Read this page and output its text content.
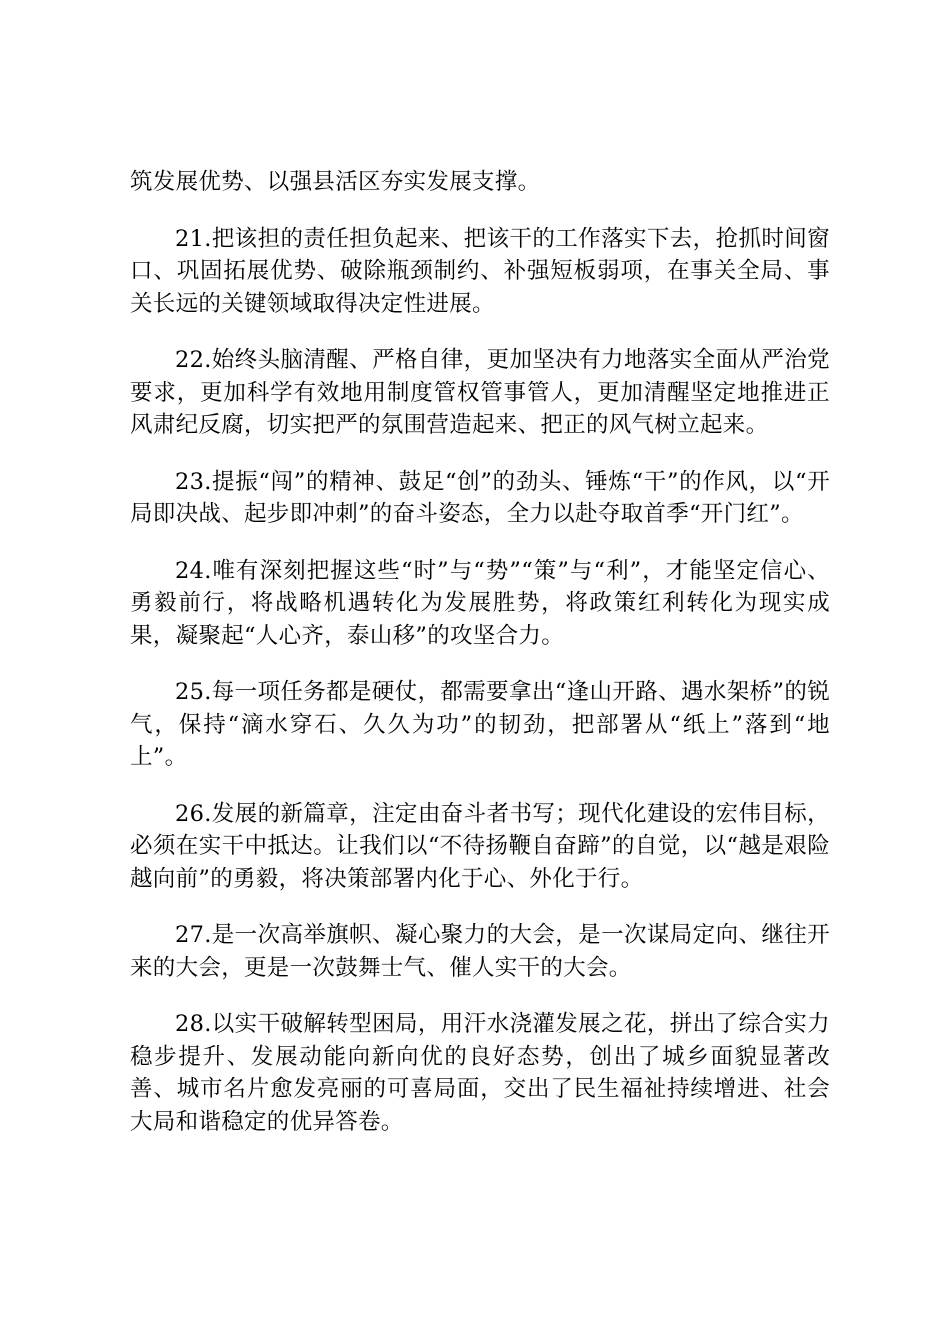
筑发展优势、以强县活区夯实发展支撑。

21.把该担的责任担负起来、把该干的工作落实下去，抢抓时间窗口、巩固拓展优势、破除瓶颈制约、补强短板弱项，在事关全局、事关长远的关键领域取得决定性进展。

22.始终头脑清醒、严格自律，更加坚决有力地落实全面从严治党要求，更加科学有效地用制度管权管事管人，更加清醒坚定地推进正风肃纪反腐，切实把严的氛围营造起来、把正的风气树立起来。

23.提振“闯”的精神、鼓足“创”的劲头、锤炼“干”的作风，以“开局即决战、起步即冲刺”的奋斗姿态，全力以赴夺取首季“开门红”。

24.唯有深刻把握这些“时”与“势”“策”与“利”，才能坚定信心、勇毅前行，将战略机遇转化为发展胜势，将政策红利转化为现实成果，凝聚起“人心齐，泰山移”的攻坚合力。

25.每一项任务都是硬仗，都需要拿出“逢山开路、遇水架桥”的锐气，保持“滴水穿石、久久为功”的韧劲，把部署从“纸上”落到“地上”。

26.发展的新篇章，注定由奋斗者书写；现代化建设的宏伟目标，必须在实干中抵达。让我们以“不待扬鞭自奋蹄”的自觉，以“越是艰险越向前”的勇毅，将决策部署内化于心、外化于行。

27.是一次高举旗帜、凝心聚力的大会，是一次谋局定向、继往开来的大会，更是一次鼓舞士气、催人实干的大会。

28.以实干破解转型困局，用汗水浇灌发展之花，拼出了综合实力稳步提升、发展动能向新向优的良好态势，创出了城乡面貌显著改善、城市名片愈发亮丽的可喜局面，交出了民生福祉持续增进、社会大局和谐稳定的优异答卷。
